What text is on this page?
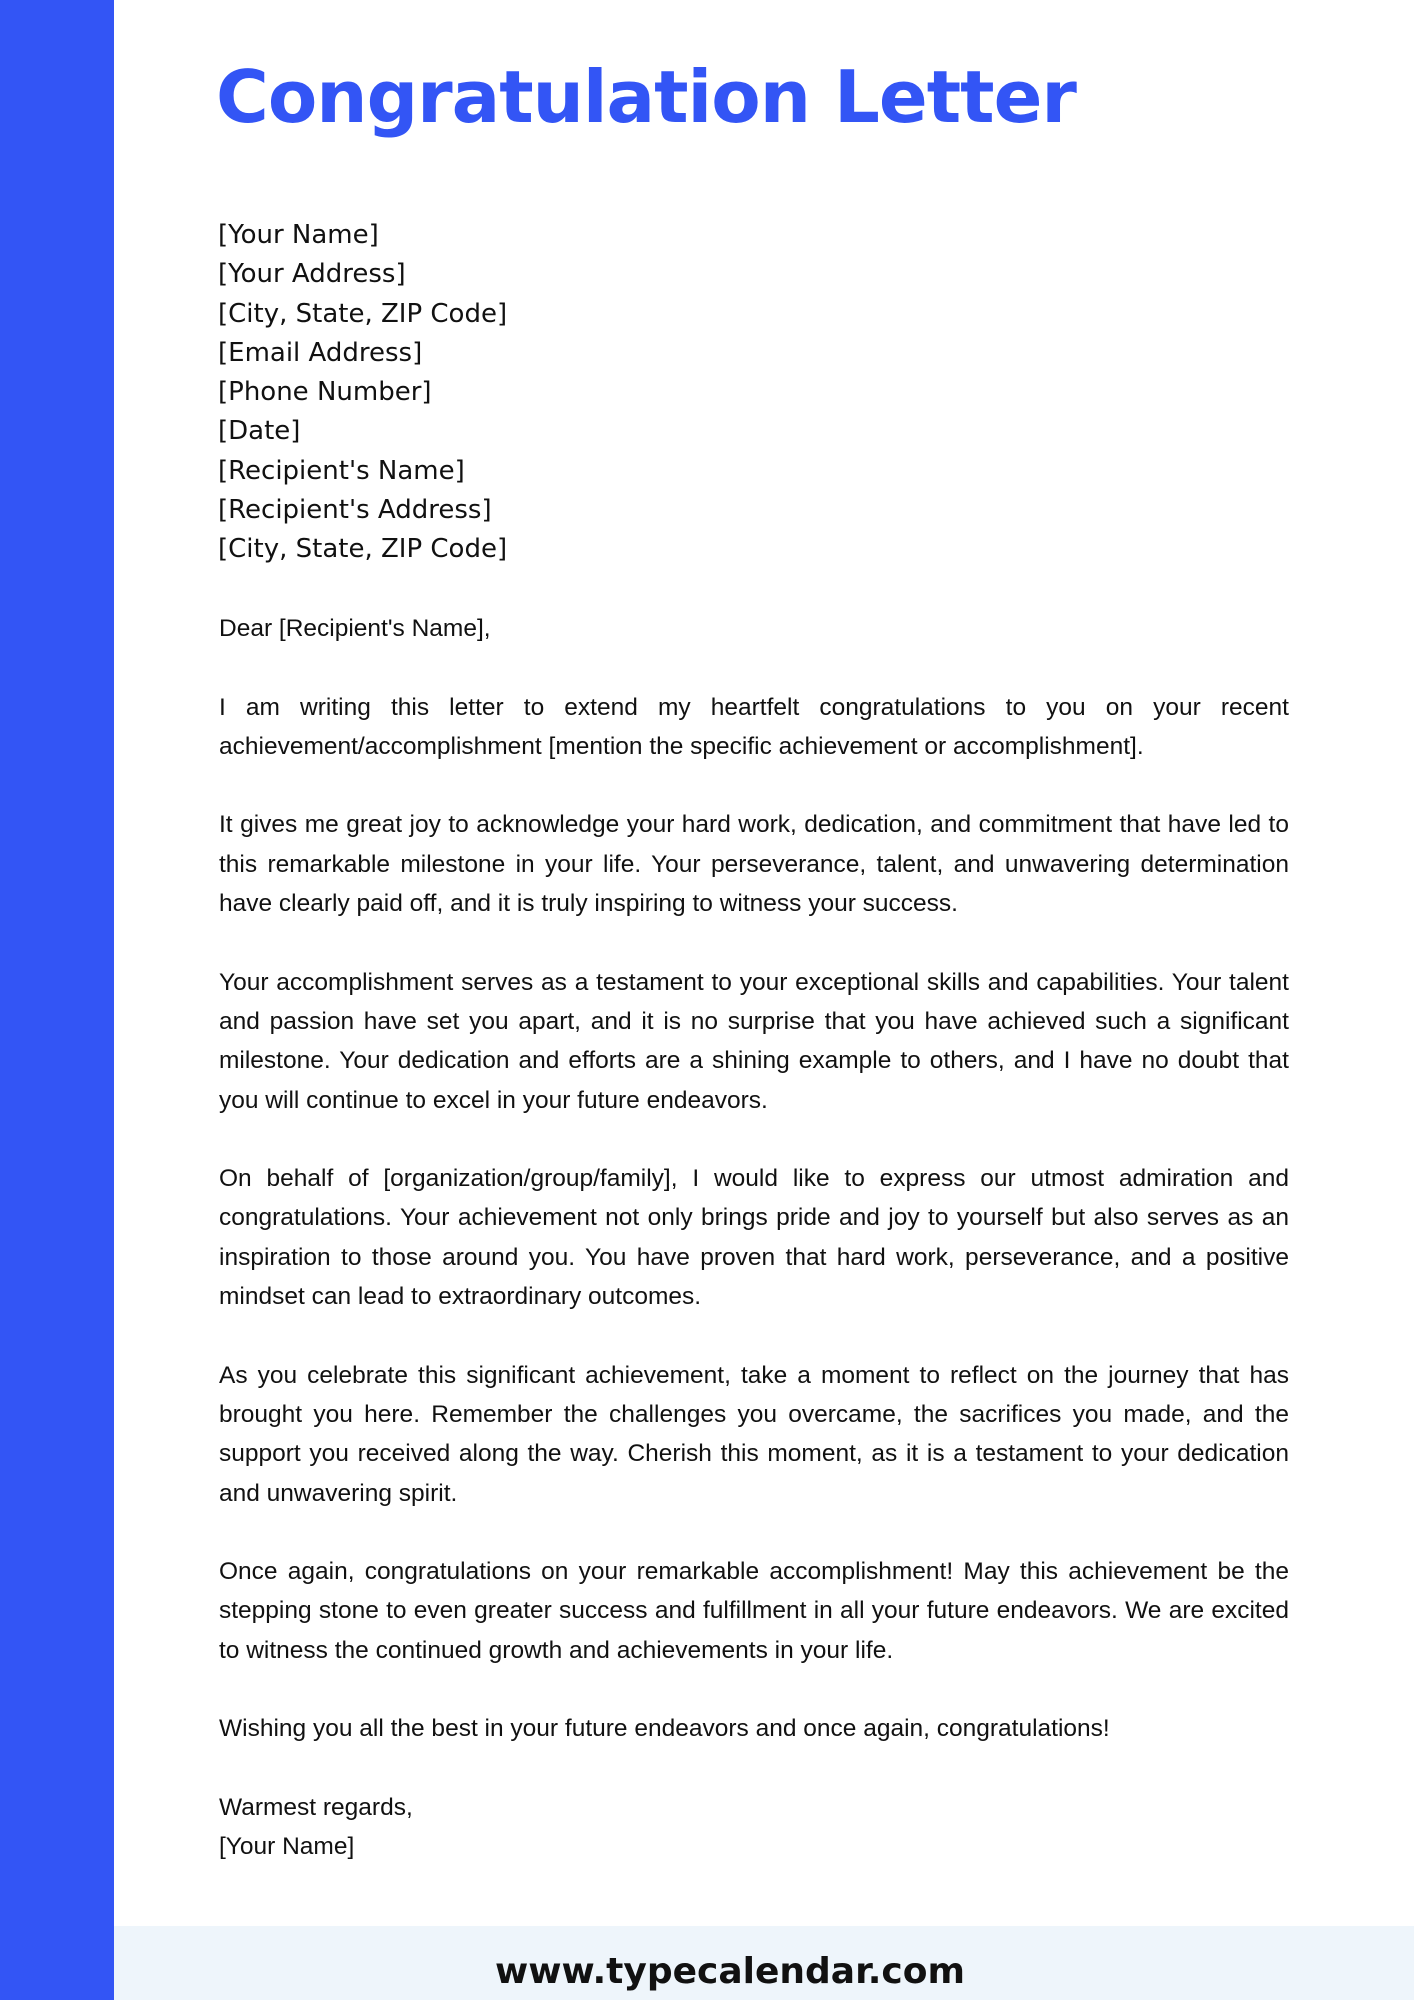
Congratulation Letter
[Your Name]
[Your Address]
[City, State, ZIP Code]
[Email Address]
[Phone Number]
[Date]
[Recipient's Name]
[Recipient's Address]
[City, State, ZIP Code]

Dear [Recipient's Name],

I am writing this letter to extend my heartfelt congratulations to you on your recent achievement/accomplishment [mention the specific achievement or accomplishment].

It gives me great joy to acknowledge your hard work, dedication, and commitment that have led to this remarkable milestone in your life. Your perseverance, talent, and unwavering determination have clearly paid off, and it is truly inspiring to witness your success.

Your accomplishment serves as a testament to your exceptional skills and capabilities. Your talent and passion have set you apart, and it is no surprise that you have achieved such a significant milestone. Your dedication and efforts are a shining example to others, and I have no doubt that you will continue to excel in your future endeavors.

On behalf of [organization/group/family], I would like to express our utmost admiration and congratulations. Your achievement not only brings pride and joy to yourself but also serves as an inspiration to those around you. You have proven that hard work, perseverance, and a positive mindset can lead to extraordinary outcomes.

As you celebrate this significant achievement, take a moment to reflect on the journey that has brought you here. Remember the challenges you overcame, the sacrifices you made, and the support you received along the way. Cherish this moment, as it is a testament to your dedication and unwavering spirit.

Once again, congratulations on your remarkable accomplishment! May this achievement be the stepping stone to even greater success and fulfillment in all your future endeavors. We are excited to witness the continued growth and achievements in your life.

Wishing you all the best in your future endeavors and once again, congratulations!

Warmest regards,

[Your Name]

www.typecalendar.com
